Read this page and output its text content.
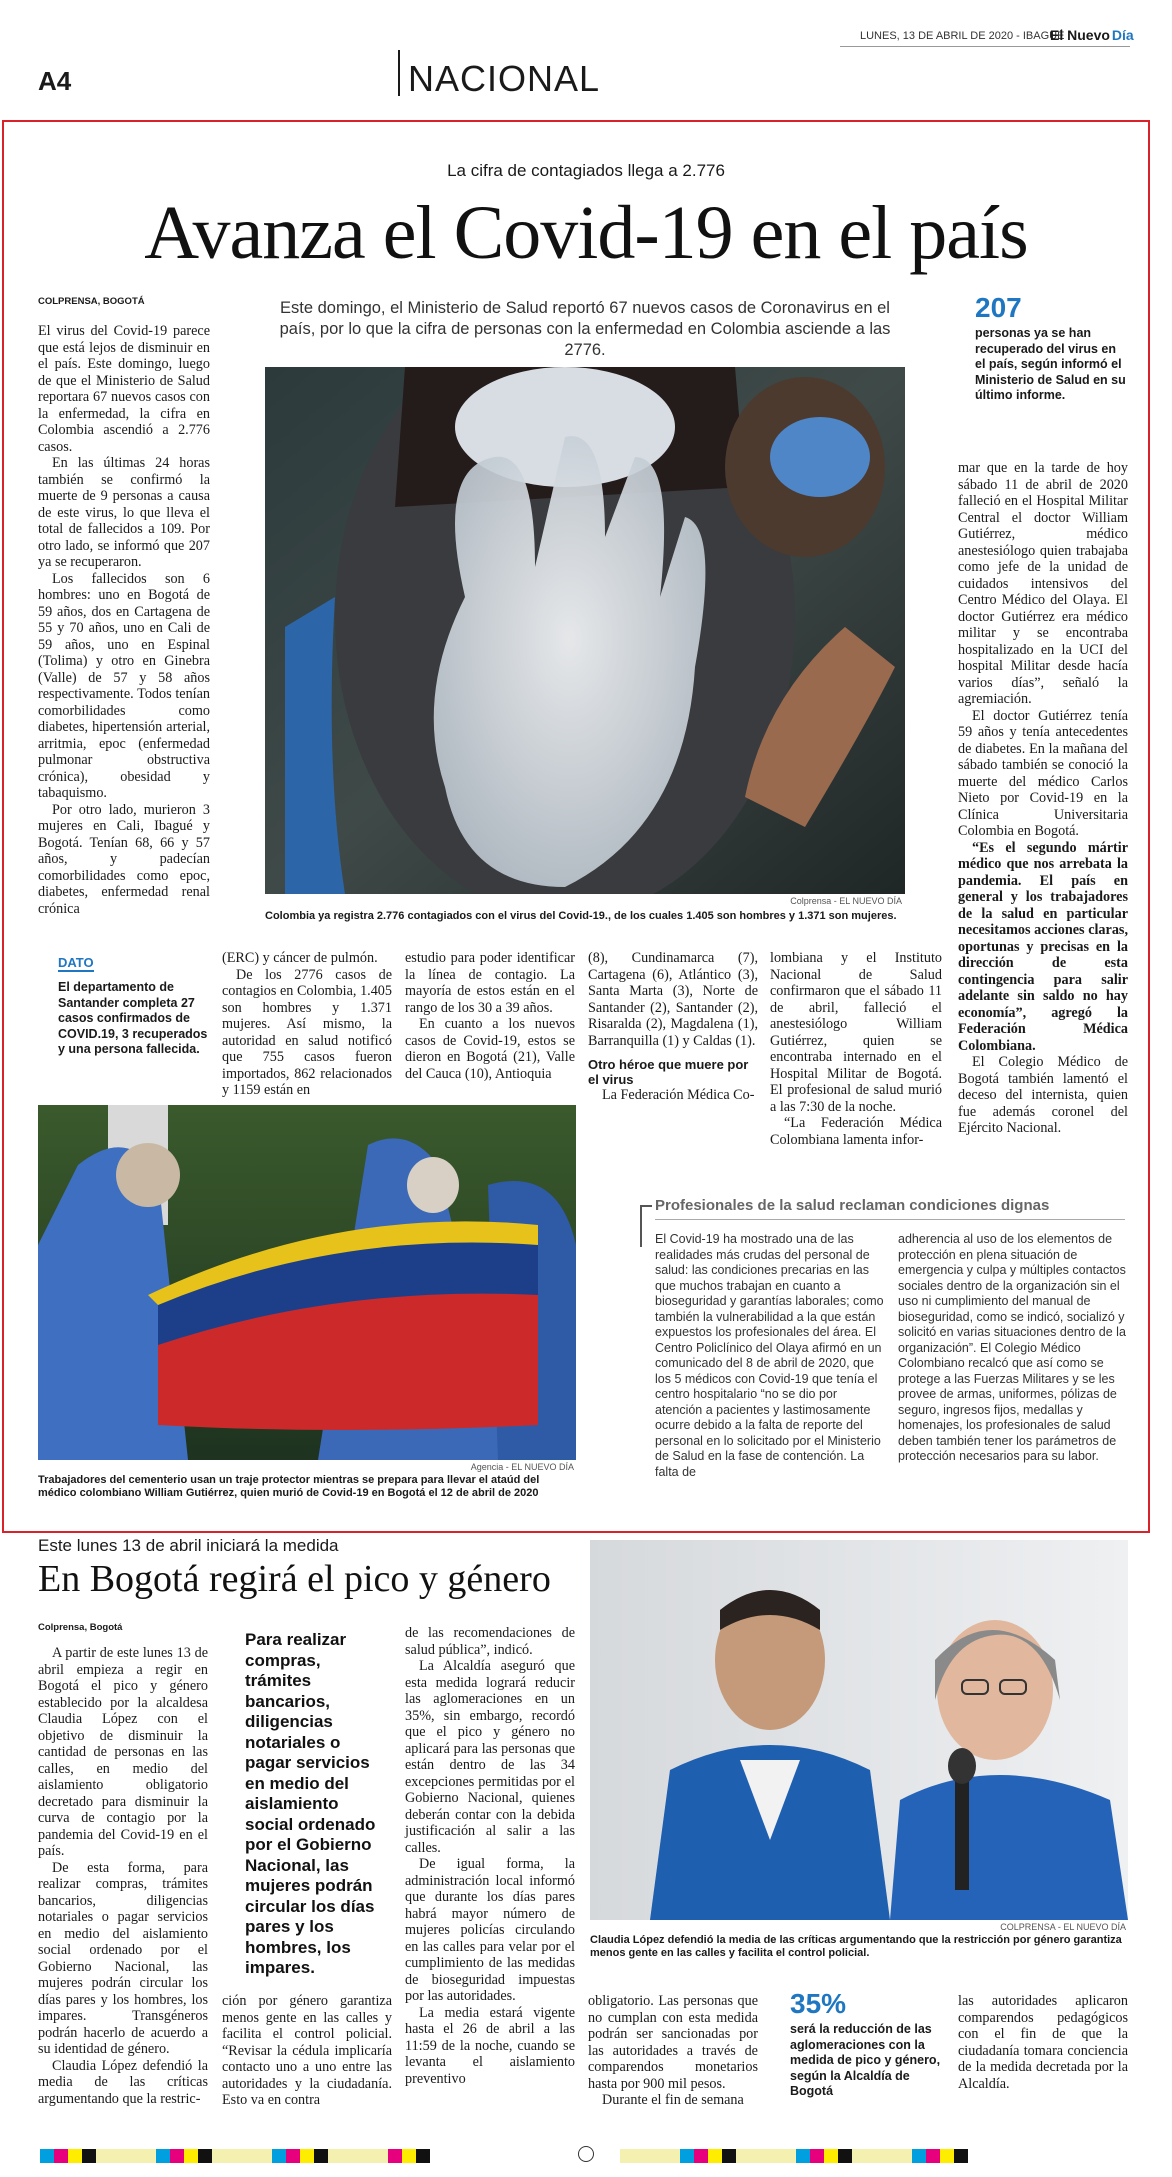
A4	NACIONAL
LUNES, 13 DE ABRIL DE 2020 - IBAGUÉ
El Nuevo Día
La cifra de contagiados llega a 2.776
Avanza el Covid-19 en el país
COLPRENSA, BOGOTÁ	Este domingo, el Ministerio de Salud reportó 67 nuevos casos de Coronavirus en el país, por lo que la cifra de personas con la enfermedad en Colombia asciende a las 2776.
207
personas ya se han recuperado del virus en el país, según informó el Ministerio de Salud en su último informe.

El virus del Covid-19 parece que está lejos de disminuir en el país. Este domingo, luego de que el Ministerio de Salud reportara 67 nuevos casos con la enfermedad, la cifra en Colombia ascendió a 2.776 casos.

En las últimas 24 horas también se confirmó la muerte de 9 personas a causa de este virus, lo que lleva el total de fallecidos a 109. Por otro lado, se informó que 207 ya se recuperaron.

Los fallecidos son 6 hombres: uno en Bogotá de 59 años, dos en Cartagena de 55 y 70 años, uno en Cali de 59 años, uno en Espinal (Tolima) y otro en Ginebra (Valle) de 57 y 58 años respectivamente. Todos tenían comorbilidades como diabetes, hipertensión arterial, arritmia, epoc (enfermedad pulmonar obstructiva crónica), obesidad y tabaquismo.

Por otro lado, murieron 3 mujeres en Cali, Ibagué y Bogotá. Tenían 68, 66 y 57 años, y padecían comorbilidades como epoc, diabetes, enfermedad renal crónica	Colprensa - EL NUEVO DÍA
Colombia ya registra 2.776 contagiados con el virus del Covid-19., de los cuales 1.405 son hombres y 1.371 son mujeres.

mar que en la tarde de hoy sábado 11 de abril de 2020 falleció en el Hospital Militar Central el doctor William Gutiérrez, médico anestesiólogo quien trabajaba como jefe de la unidad de cuidados intensivos del Centro Médico del Olaya. El doctor Gutiérrez era médico militar y se encontraba hospitalizado en la UCI del hospital Militar desde hacía varios días”, señaló la agremiación.

El doctor Gutiérrez tenía 59 años y tenía antecedentes de diabetes. En la mañana del sábado también se conoció la muerte del médico Carlos Nieto por Covid-19 en la Clínica Universitaria Colombia en Bogotá.

“Es el segundo mártir médico que nos arrebata la pandemia. El país en general y los trabajadores de la salud en particular necesitamos acciones claras, oportunas y precisas en la dirección de esta contingencia para salir adelante sin saldo no hay economía”, agregó la Federación Médica Colombiana.

El Colegio Médico de Bogotá también lamentó el deceso del internista, quien fue además coronel del Ejército Nacional.

DATO
El departamento de Santander completa 27 casos confirmados de COVID.19, 3 recuperados y una persona fallecida.

(ERC) y cáncer de pulmón.

De los 2776 casos de contagios en Colombia, 1.405 son hombres y 1.371 mujeres. Así mismo, la autoridad en salud notificó que 755 casos fueron importados, 862 relacionados y 1159 están en

estudio para poder identificar la línea de contagio. La mayoría de estos están en el rango de los 30 a 39 años.

En cuanto a los nuevos casos de Covid-19, estos se dieron en Bogotá (21), Valle del Cauca (10), Antioquia

(8), Cundinamarca (7), Cartagena (6), Atlántico (3), Santa Marta (3), Norte de Santander (2), Santander (2), Risaralda (2), Magdalena (1), Barranquilla (1) y Caldas (1).

Otro héroe que muere por el virus

La Federación Médica Co-

lombiana y el Instituto Nacional de Salud confirmaron que el sábado 11 de abril, falleció el anestesiólogo William Gutiérrez, quien se encontraba internado en el Hospital Militar de Bogotá. El profesional de salud murió a las 7:30 de la noche.

“La Federación Médica Colombiana lamenta infor-

Agencia - EL NUEVO DÍA
Trabajadores del cementerio usan un traje protector mientras se prepara para llevar el ataúd del médico colombiano William Gutiérrez, quien murió de Covid-19 en Bogotá el 12 de abril de 2020
Profesionales de la salud reclaman condiciones dignas
El Covid-19 ha mostrado una de las realidades más crudas del personal de salud: las condiciones precarias en las que muchos trabajan en cuanto a bioseguridad y garantías laborales; como también la vulnerabilidad a la que están expuestos los profesionales del área. El Centro Policlínico del Olaya afirmó en un comunicado del 8 de abril de 2020, que los 5 médicos con Covid-19 que tenía el centro hospitalario “no se dio por atención a pacientes y lastimosamente ocurre debido a la falta de reporte del personal en lo solicitado por el Ministerio de Salud en la fase de contención. La falta de
adherencia al uso de los elementos de protección en plena situación de emergencia y culpa y múltiples contactos sociales dentro de la organización sin el uso ni cumplimiento del manual de bioseguridad, como se indicó, socializó y solicitó en varias situaciones dentro de la organización”. El Colegio Médico Colombiano recalcó que así como se protege a las Fuerzas Militares y se les provee de armas, uniformes, pólizas de seguro, ingresos fijos, medallas y homenajes, los profesionales de salud deben también tener los parámetros de protección necesarios para su labor.
Este lunes 13 de abril iniciará la medida
En Bogotá regirá el pico y género
Colprensa, Bogotá

A partir de este lunes 13 de abril empieza a regir en Bogotá el pico y género establecido por la alcaldesa Claudia López con el objetivo de disminuir la cantidad de personas en las calles, en medio del aislamiento obligatorio decretado para disminuir la curva de contagio por la pandemia del Covid-19 en el país.

De esta forma, para realizar compras, trámites bancarios, diligencias notariales o pagar servicios en medio del aislamiento social ordenado por el Gobierno Nacional, las mujeres podrán circular los días pares y los hombres, los impares. Transgéneros podrán hacerlo de acuerdo a su identidad de género.

Claudia López defendió la media de las críticas argumentando que la restric-

Para realizar compras, trámites bancarios, diligencias notariales o pagar servicios en medio del aislamiento social ordenado por el Gobierno Nacional, las mujeres podrán circular los días pares y los hombres, los impares.

ción por género garantiza menos gente en las calles y facilita el control policial. “Revisar la cédula implicaría contacto uno a uno entre las autoridades y la ciudadanía. Esto va en contra

de las recomendaciones de salud pública”, indicó.

La Alcaldía aseguró que esta medida logrará reducir las aglomeraciones en un 35%, sin embargo, recordó que el pico y género no aplicará para las personas que están dentro de las 34 excepciones permitidas por el Gobierno Nacional, quienes deberán contar con la debida justificación al salir a las calles.

De igual forma, la administración local informó que durante los días pares habrá mayor número de mujeres policías circulando en las calles para velar por el cumplimiento de las medidas de bioseguridad impuestas por las autoridades.

La media estará vigente hasta el 26 de abril a las 11:59 de la noche, cuando se levanta el aislamiento preventivo

COLPRENSA - EL NUEVO DÍA
Claudia López defendió la media de las críticas argumentando que la restricción por género garantiza menos gente en las calles y facilita el control policial.

obligatorio. Las personas que no cumplan con esta medida podrán ser sancionadas por las autoridades a través de comparendos monetarios hasta por 900 mil pesos.

Durante el fin de semana

35%
será la reducción de las aglomeraciones con la medida de pico y género, según la Alcaldía de Bogotá

las autoridades aplicaron comparendos pedagógicos con el fin de que la ciudadanía tomara conciencia de la medida decretada por la Alcaldía.
